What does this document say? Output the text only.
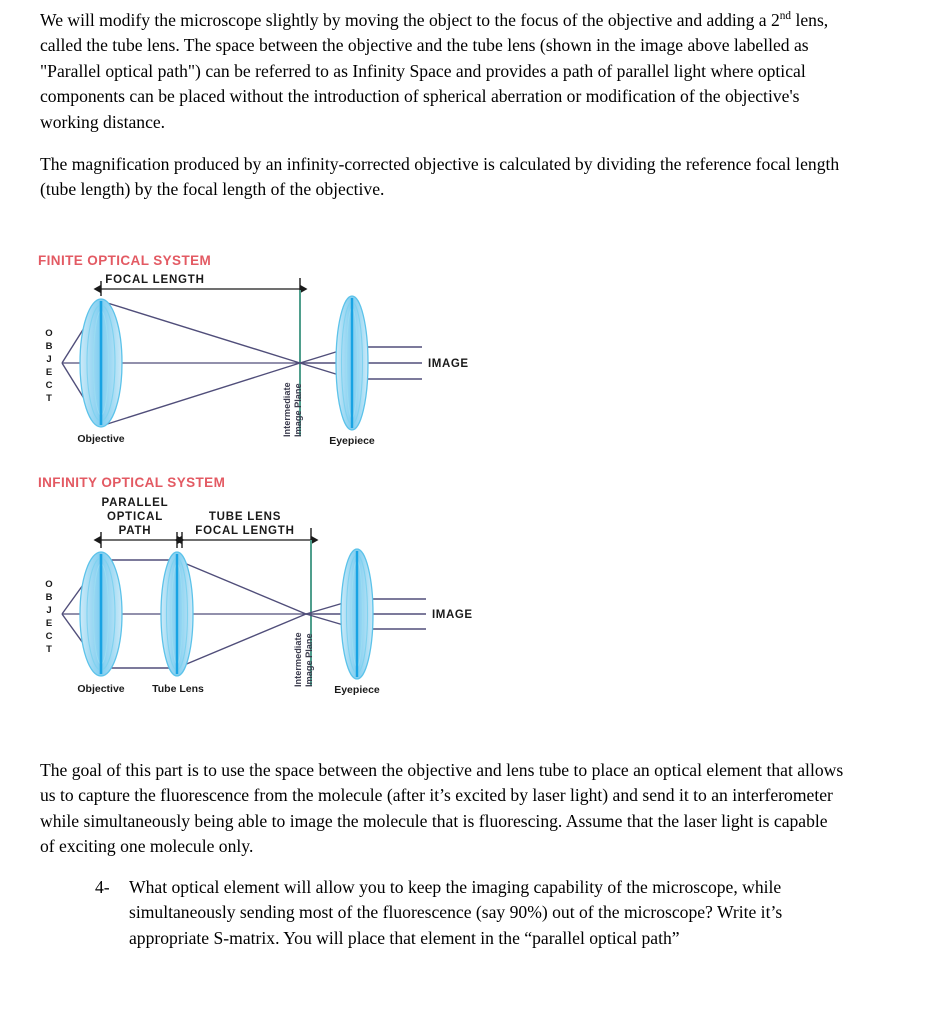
We will modify the microscope slightly by moving the object to the focus of the objective and adding a 2nd lens, called the tube lens. The space between the objective and the tube lens (shown in the image above labelled as "Parallel optical path") can be referred to as Infinity Space and provides a path of parallel light where optical components can be placed without the introduction of spherical aberration or modification of the objective's working distance.
The magnification produced by an infinity-corrected objective is calculated by dividing the reference focal length (tube length) by the focal length of the objective.
FINITE OPTICAL SYSTEM
FOCAL LENGTH
Objective
O
B
J
E
C
T	Intermediate Image Plane
Eyepiece
IMAGE
INFINITY OPTICAL SYSTEM
PARALLEL
OPTICAL
PATH
TUBE LENS
FOCAL LENGTH
Objective	Tube Lens
O
B
J
E
C
T	Intermediate Image Plane
Eyepiece
IMAGE
The goal of this part is to use the space between the objective and lens tube to place an optical element that allows us to capture the fluorescence from the molecule (after it’s excited by laser light) and send it to an interferometer while simultaneously being able to image the molecule that is fluorescing. Assume that the laser light is capable of exciting one molecule only.
4-	What optical element will allow you to keep the imaging capability of the microscope, while simultaneously sending most of the fluorescence (say 90%) out of the microscope? Write it’s appropriate S-matrix. You will place that element in the “parallel optical path”
